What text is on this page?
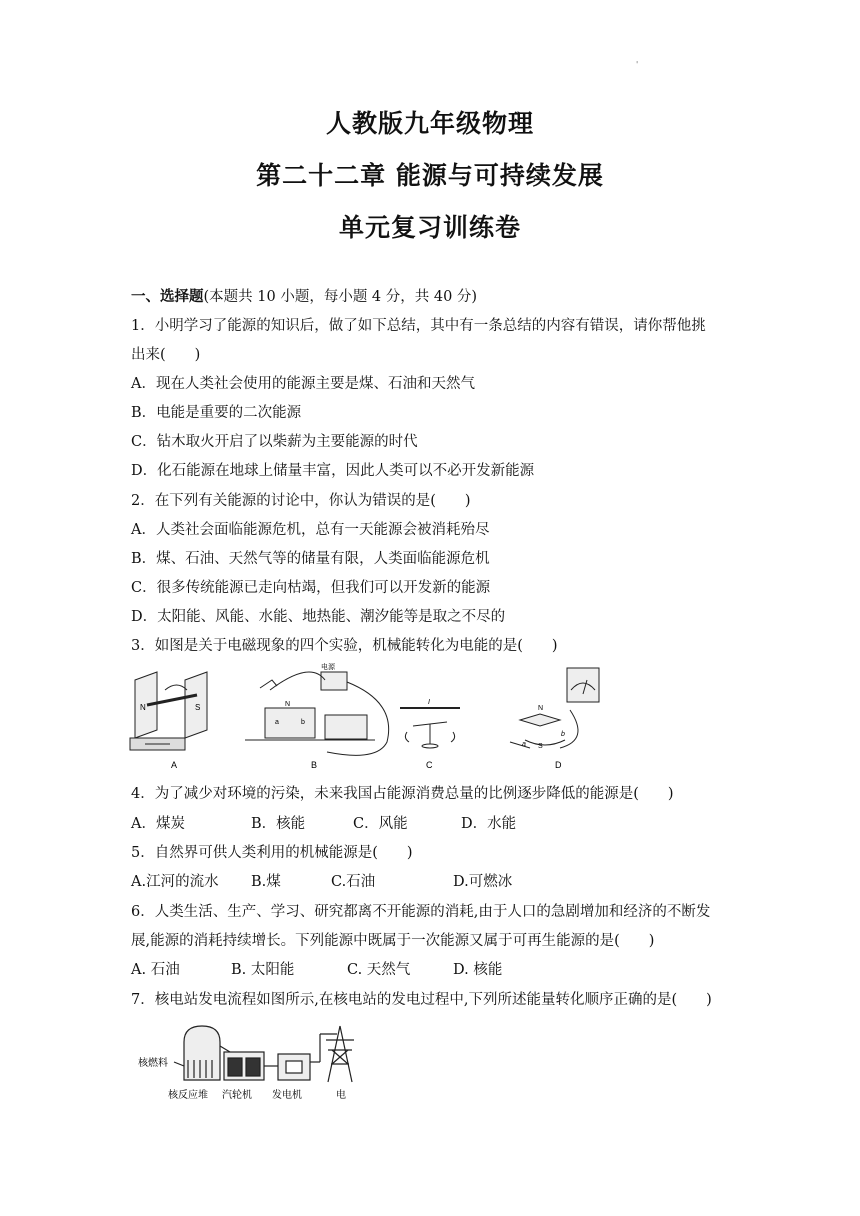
'
人教版九年级物理
第二十二章 能源与可持续发展
单元复习训练卷
一、选择题(本题共 10 小题，每小题 4 分，共 40 分)
1．小明学习了能源的知识后，做了如下总结，其中有一条总结的内容有错误，请你帮他挑
出来(　　)
A．现在人类社会使用的能源主要是煤、石油和天然气
B．电能是重要的二次能源
C．钻木取火开启了以柴薪为主要能源的时代
D．化石能源在地球上储量丰富，因此人类可以不必开发新能源
2．在下列有关能源的讨论中，你认为错误的是(　　)
A．人类社会面临能源危机，总有一天能源会被消耗殆尽
B．煤、石油、天然气等的储量有限，人类面临能源危机
C．很多传统能源已走向枯竭，但我们可以开发新的能源
D．太阳能、风能、水能、地热能、潮汐能等是取之不尽的
3．如图是关于电磁现象的四个实验，机械能转化为电能的是(　　)
N	S
A
电源
N
a	b
B
I
C
N
S
a
b
D
4．为了减少对环境的污染，未来我国占能源消费总量的比例逐步降低的能源是(　　)
A．煤炭	B．核能	C．风能	D．水能
5．自然界可供人类利用的机械能源是(　　)
A.江河的流水 B.煤	C.石油	D.可燃冰
6．人类生活、生产、学习、研究都离不开能源的消耗,由于人口的急剧增加和经济的不断发
展,能源的消耗持续增长。下列能源中既属于一次能源又属于可再生能源的是(　　)
A. 石油	B. 太阳能	C. 天然气	D. 核能
7．核电站发电流程如图所示,在核电站的发电过程中,下列所述能量转化顺序正确的是(　　)
核燃料
核反应堆 汽轮机 发电机	电
